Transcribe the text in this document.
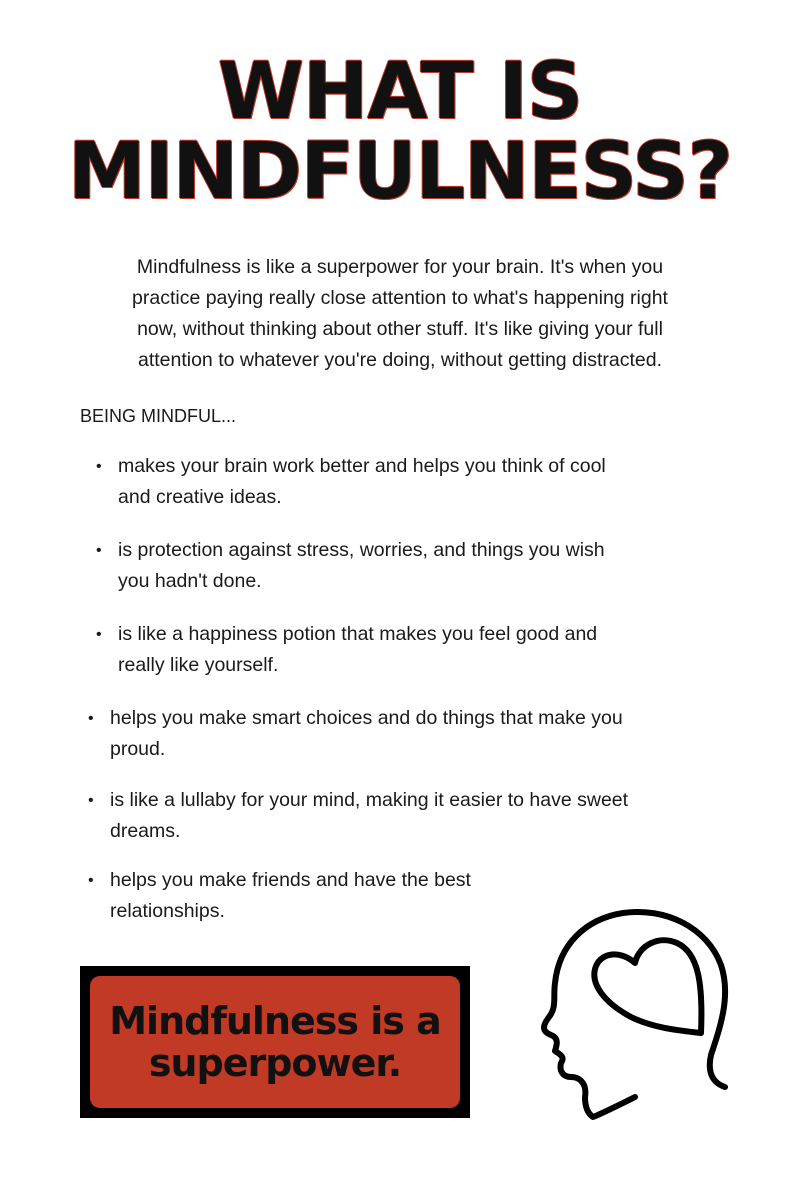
WHAT IS
MINDFULNESS?

Mindfulness is like a superpower for your brain. It's when you
practice paying really close attention to what's happening right
now, without thinking about other stuff. It's like giving your full
attention to whatever you're doing, without getting distracted.

BEING MINDFUL...

• makes your brain work better and helps you think of cool
and creative ideas.

• is protection against stress, worries, and things you wish
you hadn't done.

• is like a happiness potion that makes you feel good and
really like yourself.

• helps you make smart choices and do things that make you
proud.

• is like a lullaby for your mind, making it easier to have sweet
dreams.

• helps you make friends and have the best
relationships.

Mindfulness is a
superpower.
